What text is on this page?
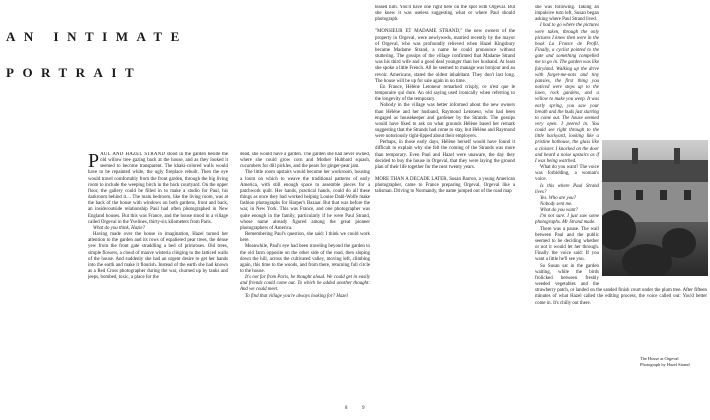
AN INTIMATE
PORTRAIT

PAUL AND HAZEL STRAND stood in the garden beside the old willow tree gazing back at the house, and as they looked it seemed to become transparent. The khaki-colored walls would have to be repainted white, the ugly fireplace rebuilt. Then the eye would travel comfortably from the front garden, through the big living room to include the weeping birch in the back courtyard. On the upper floor, the gallery could be filled in to make a studio for Paul, his darkroom behind it.... The main bedroom, like the living room, was at the back of the house with windows on both gardens, front and back, an inside/outside relationship Paul had often photographed in New England houses. But this was France, and the house stood in a village called Orgeval in the Yvelines, thirty-six kilometers from Paris.

What do you think, Hazie?

Having made over the house in imagination, Hazel turned her attention to the garden and its rows of espaliered pear trees, the dense yew from the front gate straddling a bed of primroses. Old trees, simple flowers, a cloud of mauve wisteria clinging to the latticed walls of the house. And suddenly she had an urgent desire to get her hands into the earth and make it flourish. Instead of the earth she had known as a Red Cross photographer during the war, churned up by tanks and jeeps, bombed, toxic, a place for the

dead, she would have a garden. The garden she had never owned, where she could grow corn and Mother Hubbard squash, cucumbers for dill pickles, and the pears for ginger-pear jam.

The little room upstairs would become her workroom, housing a loom on which to weave the traditional patterns of early America, with still enough space to assemble pieces for a patchwork quilt. Her hands, practical hands, could do all these things as once they had worked helping Louise Dahl-Wolfe make fashion photographs for Harper's Bazaar. But that was before the war, in New York. This was France, and one photographer was quite enough in the family, particularly if he were Paul Strand, whose name already figured among the great pioneer photographers of America.

Remembering Paul's question, she said: I think we could work here.

Meanwhile, Paul's eye had been traveling beyond the garden to the old farm opposite on the other side of the road, then sloping down the hill, across the cultivated valley, moving left, climbing again, this time to the woods, and from there, returning full circle to the house.

It's not far from Paris, he thought aloud. We could get in easily and friends could come out. To which he added another thought: And we could meet.

To find that village you're always looking for? Hazel

teased him. You'll have one right here on the spot with Orgeval. But she knew it was useless suggesting what or where Paul should photograph.

"MONSIEUR ET MADAME STRAND," the new owners of the property in Orgeval, were newlyweds, married recently by the mayor of Orgeval, who was profoundly relieved when Hazel Kingsbury became Madame Strand, a name he could pronounce without stuttering. The gossips of the village confirmed that Madame Strand was his third wife and a good deal younger than her husband. At least she spoke a little French. All he seemed to manage was bonjour and au revoir. Americans, stated the oldest inhabitant. They don't last long. The house will be up for sale again in no time.

En France, Hélène Letoneur remarked crisply, ce n'est que le temporaire qui dure. An old saying used ironically when referring to the longevity of the temporary.

Nobody in the village was better informed about the new owners than Hélène and her husband, Raymond Letoneur, who had been engaged as housekeeper and gardener by the Strands. The gossips would have liked to ask on what grounds Hélène based her remark suggesting that the Strands had come to stay, but Hélène and Raymond were notoriously tight-lipped about their employers.

Perhaps, in those early days, Hélène herself would have found it difficult to explain why she felt the coming of the Strands was more than temporary. Even Paul and Hazel were unaware, the day they decided to buy the house in Orgeval, that they were laying the ground plan of their life together for the next twenty years.

MORE THAN A DECADE LATER, Susan Barron, a young American photographer, came to France preparing Orgeval, Orgeval like a talisman. Driving to Normandy, the name jumped out of the road map

she was following. Taking an impulsive turn left, Susan began asking where Paul Strand lived.

I had to go where the pictures were taken, through the only pictures I knew then were in the book La France de Profil. Finally, a cyclist pointed to the gate and something compelled me to go in. The garden was like fairyland. Walking up the drive with forget-me-nots and tiny pansies, the first thing you noticed were steps up to the lawn, rock gardens, and a willow to make you weep. It was early spring, you saw your breath and the buds just starting to come out. The house seemed very open. I peered in. You could see right through to the little backyard, looking like a pristine hothouse, the glass like a cloister. I knocked on the door and heard a noise upstairs as if I was being watched.

What do you want? The voice was forbidding, a woman's voice.

Is this where Paul Strand lives?

Yes. Who are you?

Nobody sent me.

What do you want?

I'm not sure. I just saw some photographs. Mr Strand made.

There was a pause. The wall between Paul and the public seemed to be deciding whether or not it would let her through. Finally the voice said: If you want a little he'll see you.

So Susan sat in the garden waiting, while the birds frolicked between freshly weeded vegetables and the strawberry patch, or landed on the sanded finish court under the plum tree. After fifteen minutes of what Hazel called the editing process, the voice called out: You'd better come in. It's chilly out there.

The House at Orgeval
Photograph by Hazel Strand
8	9
